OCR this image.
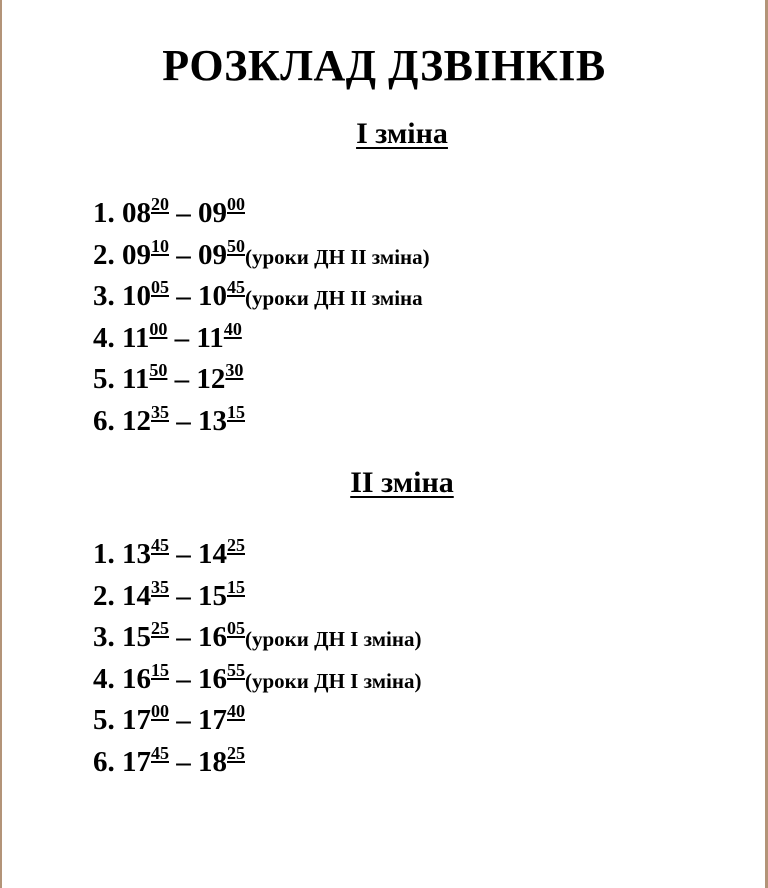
РОЗКЛАД ДЗВІНКІВ
І зміна
1. $08^{20} - 09^{00}$
2. $09^{10}$ – $09^{50}(уроки$ ДН ІІ зміна)
3. $10^{05}$ – $10^{45}(уроки$ ДН ІІ зміна
4. $11^{00} - 11^{40}$
5. $11^{50} - 12^{30}$
6. $12^{35} - 13^{15}$
ІІ зміна
1. $13^{45} - 14^{25}$
2. $14^{35} - 15^{15}$
3. $15^{25}$ – $16^{05}(уроки$ ДН І зміна)
4. $16^{15}$ – $16^{55}(уроки$ ДН І зміна)
5. $17^{00} - 17^{40}$
6. $17^{45} - 18^{25}$
